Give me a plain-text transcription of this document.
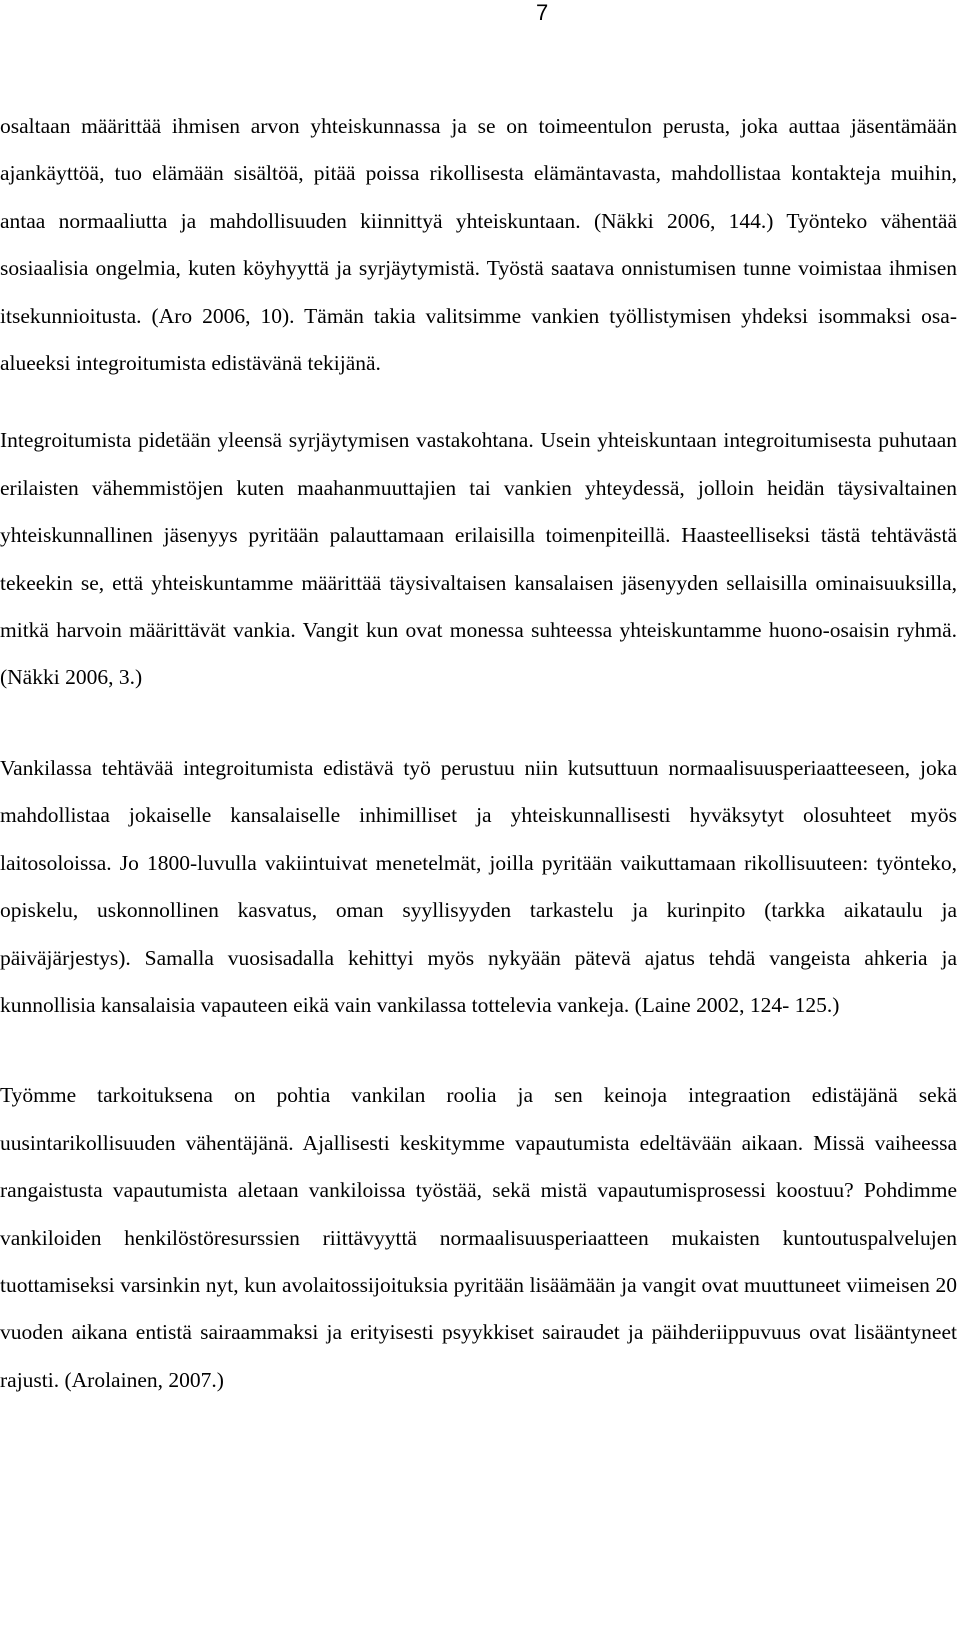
7

osaltaan määrittää ihmisen arvon yhteiskunnassa ja se on toimeentulon perusta, joka auttaa jäsentämään ajankäyttöä, tuo elämään sisältöä, pitää poissa rikollisesta elämäntavasta, mahdollistaa kontakteja muihin, antaa normaaliutta ja mahdollisuuden kiinnittyä yhteiskuntaan. (Näkki 2006, 144.) Työnteko vähentää sosiaalisia ongelmia, kuten köyhyyttä ja syrjäytymistä. Työstä saatava onnistumisen tunne voimistaa ihmisen itsekunnioitusta. (Aro 2006, 10). Tämän takia valitsimme vankien työllistymisen yhdeksi isommaksi osa-alueeksi integroitumista edistävänä tekijänä.

Integroitumista pidetään yleensä syrjäytymisen vastakohtana. Usein yhteiskuntaan integroitumisesta puhutaan erilaisten vähemmistöjen kuten maahanmuuttajien tai vankien yhteydessä, jolloin heidän täysivaltainen yhteiskunnallinen jäsenyys pyritään palauttamaan erilaisilla toimenpiteillä. Haasteelliseksi tästä tehtävästä tekeekin se, että yhteiskuntamme määrittää täysivaltaisen kansalaisen jäsenyyden sellaisilla ominaisuuksilla, mitkä harvoin määrittävät vankia. Vangit kun ovat monessa suhteessa yhteiskuntamme huono-osaisin ryhmä. (Näkki 2006, 3.)

Vankilassa tehtävää integroitumista edistävä työ perustuu niin kutsuttuun normaalisuusperiaatteeseen, joka mahdollistaa jokaiselle kansalaiselle inhimilliset ja yhteiskunnallisesti hyväksytyt olosuhteet myös laitosoloissa. Jo 1800-luvulla vakiintuivat menetelmät, joilla pyritään vaikuttamaan rikollisuuteen: työnteko, opiskelu, uskonnollinen kasvatus, oman syyllisyyden tarkastelu ja kurinpito (tarkka aikataulu ja päiväjärjestys). Samalla vuosisadalla kehittyi myös nykyään pätevä ajatus tehdä vangeista ahkeria ja kunnollisia kansalaisia vapauteen eikä vain vankilassa tottelevia vankeja. (Laine 2002, 124- 125.)

Työmme tarkoituksena on pohtia vankilan roolia ja sen keinoja integraation edistäjänä sekä uusintarikollisuuden vähentäjänä. Ajallisesti keskitymme vapautumista edeltävään aikaan. Missä vaiheessa rangaistusta vapautumista aletaan vankiloissa työstää, sekä mistä vapautumisprosessi koostuu? Pohdimme vankiloiden henkilöstöresurssien riittävyyttä normaalisuusperiaatteen mukaisten kuntoutuspalvelujen tuottamiseksi varsinkin nyt, kun avolaitossijoituksia pyritään lisäämään ja vangit ovat muuttuneet viimeisen 20 vuoden aikana entistä sairaammaksi ja erityisesti psyykkiset sairaudet ja päihderiippuvuus ovat lisääntyneet rajusti. (Arolainen, 2007.)
